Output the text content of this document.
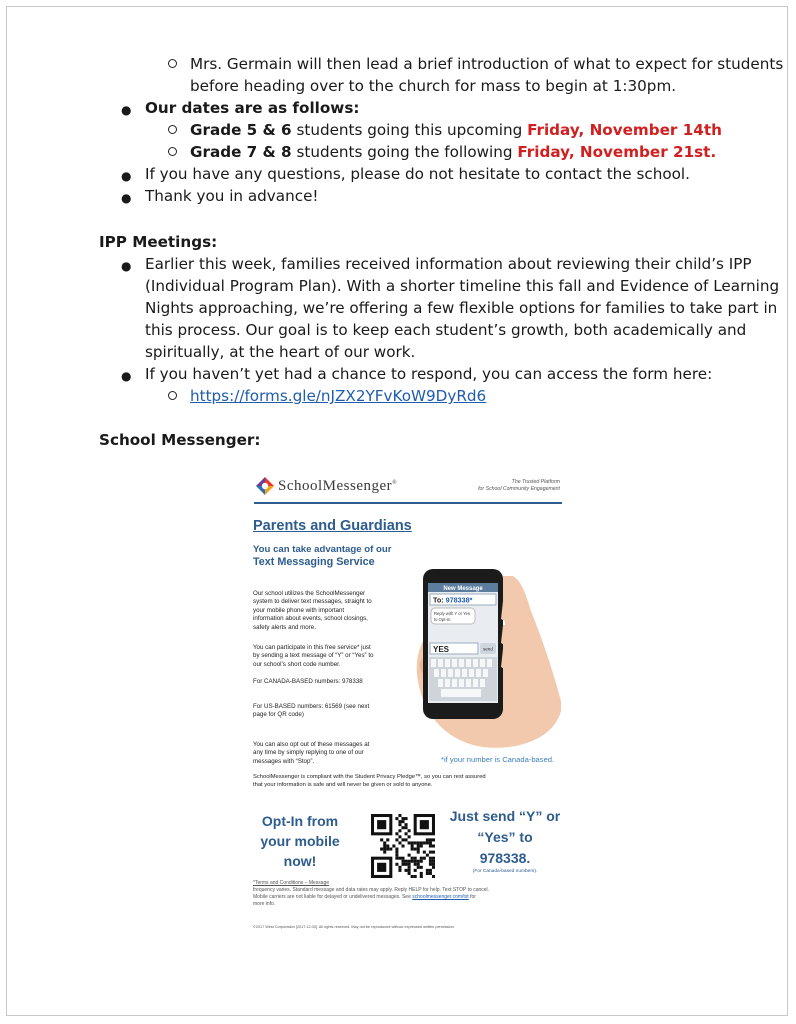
Mrs. Germain will then lead a brief introduction of what to expect for students
before heading over to the church for mass to begin at 1:30pm.
● Our dates are as follows:
Grade 5 & 6 students going this upcoming Friday, November 14th
Grade 7 & 8 students going the following Friday, November 21st.
● If you have any questions, please do not hesitate to contact the school.
● Thank you in advance!
IPP Meetings:
● Earlier this week, families received information about reviewing their child’s IPP
(Individual Program Plan). With a shorter timeline this fall and Evidence of Learning
Nights approaching, we’re offering a few flexible options for families to take part in
this process. Our goal is to keep each student’s growth, both academically and
spiritually, at the heart of our work.
● If you haven’t yet had a chance to respond, you can access the form here:
https://forms.gle/nJZX2YFvKoW9DyRd6
School Messenger:
SchoolMessenger®	The Trusted Platform
for School Community Engagement
Parents and Guardians
You can take advantage of our
Text Messaging Service
Our school utilizes the SchoolMessenger
system to deliver text messages, straight to
your mobile phone with important
information about events, school closings,
safety alerts and more.
You can participate in this free service* just
by sending a text message of “Y” or “Yes” to
our school’s short code number.
For CANADA-BASED numbers: 978338
For US-BASED numbers: 61569 (see next
page for QR code)
You can also opt out of these messages at
any time by simply replying to one of our
messages with “Stop”.	*if your number is Canada-based.
New Message
To: 978338*
Reply with Y or Yes
to Opt-In.
YES	send
SchoolMessenger is compliant with the Student Privacy Pledge™, so you can rest assured
that your information is safe and will never be given or sold to anyone.
Opt-In from
your mobile
now!
Just send “Y” or
“Yes” to
978338.
(For Canada-based numbers).
*Terms and Conditions – Message
frequency varies. Standard message and data rates may apply. Reply HELP for help. Text STOP to cancel.
Mobile carriers are not liable for delayed or undelivered messages. See schoolmessenger.com/txt for
more info.
©2017 West Corporation [2017.12.00]. All rights reserved. May not be reproduced without expressed written permission.
